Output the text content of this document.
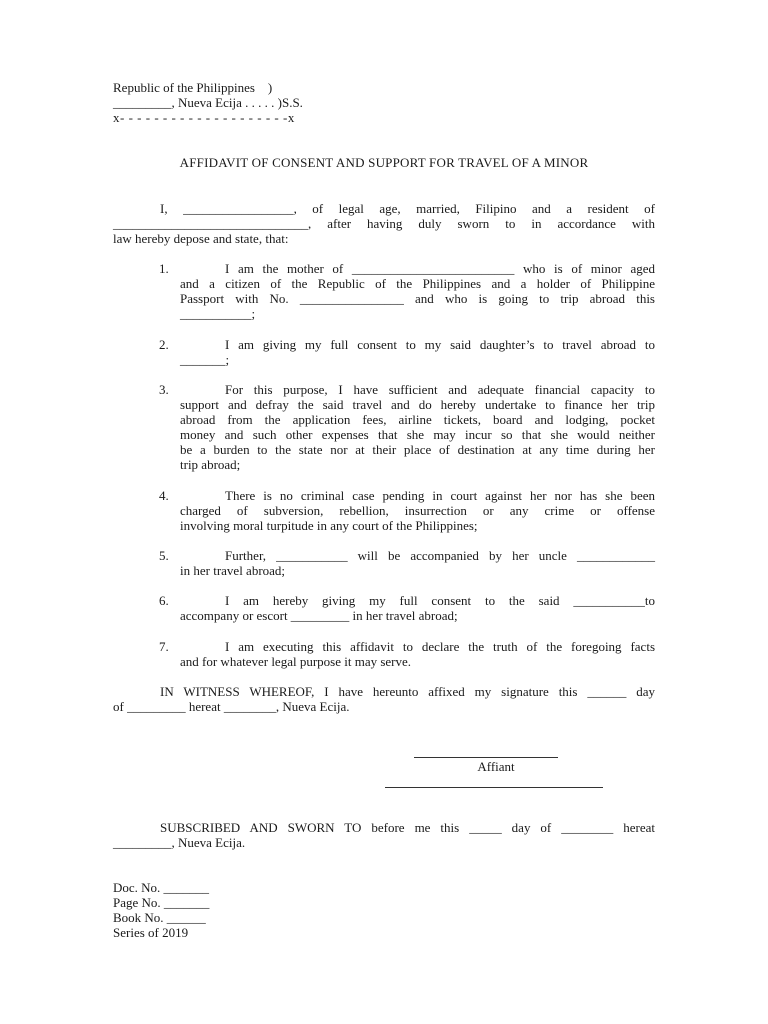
Republic of the Philippines    )
_________, Nueva Ecija . . . . . )S.S.
x- - - - - - - - - - - - - - - - - - - -x
AFFIDAVIT OF CONSENT AND SUPPORT FOR TRAVEL OF A MINOR
I, _________________, of legal age, married, Filipino and a resident of
______________________________, after having duly sworn to in accordance with
law hereby depose and state, that:
1.	I am the mother of _________________________ who is of minor aged
and a citizen of the Republic of the Philippines and a holder of Philippine
Passport with No. ________________ and who is going to trip abroad this
___________;
2.	I am giving my full consent to my said daughter’s to travel abroad to
_______;
3.	For this purpose, I have sufficient and adequate financial capacity to
support and defray the said travel and do hereby undertake to finance her trip
abroad from the application fees, airline tickets, board and lodging, pocket
money and such other expenses that she may incur so that she would neither
be a burden to the state nor at their place of destination at any time during her
trip abroad;
4.	There is no criminal case pending in court against her nor has she been
charged of subversion, rebellion, insurrection or any crime or offense
involving moral turpitude in any court of the Philippines;
5.	Further, ___________ will be accompanied by her uncle ____________
in her travel abroad;
6.	I am hereby giving my full consent to the said ___________to
accompany or escort _________ in her travel abroad;
7.	I am executing this affidavit to declare the truth of the foregoing facts
and for whatever legal purpose it may serve.
IN WITNESS WHEREOF, I have hereunto affixed my signature this ______ day
of _________ hereat ________, Nueva Ecija.
Affiant
SUBSCRIBED AND SWORN TO before me this _____ day of ________ hereat
_________, Nueva Ecija.
Doc. No. _______
Page No. _______
Book No. ______
Series of 2019
